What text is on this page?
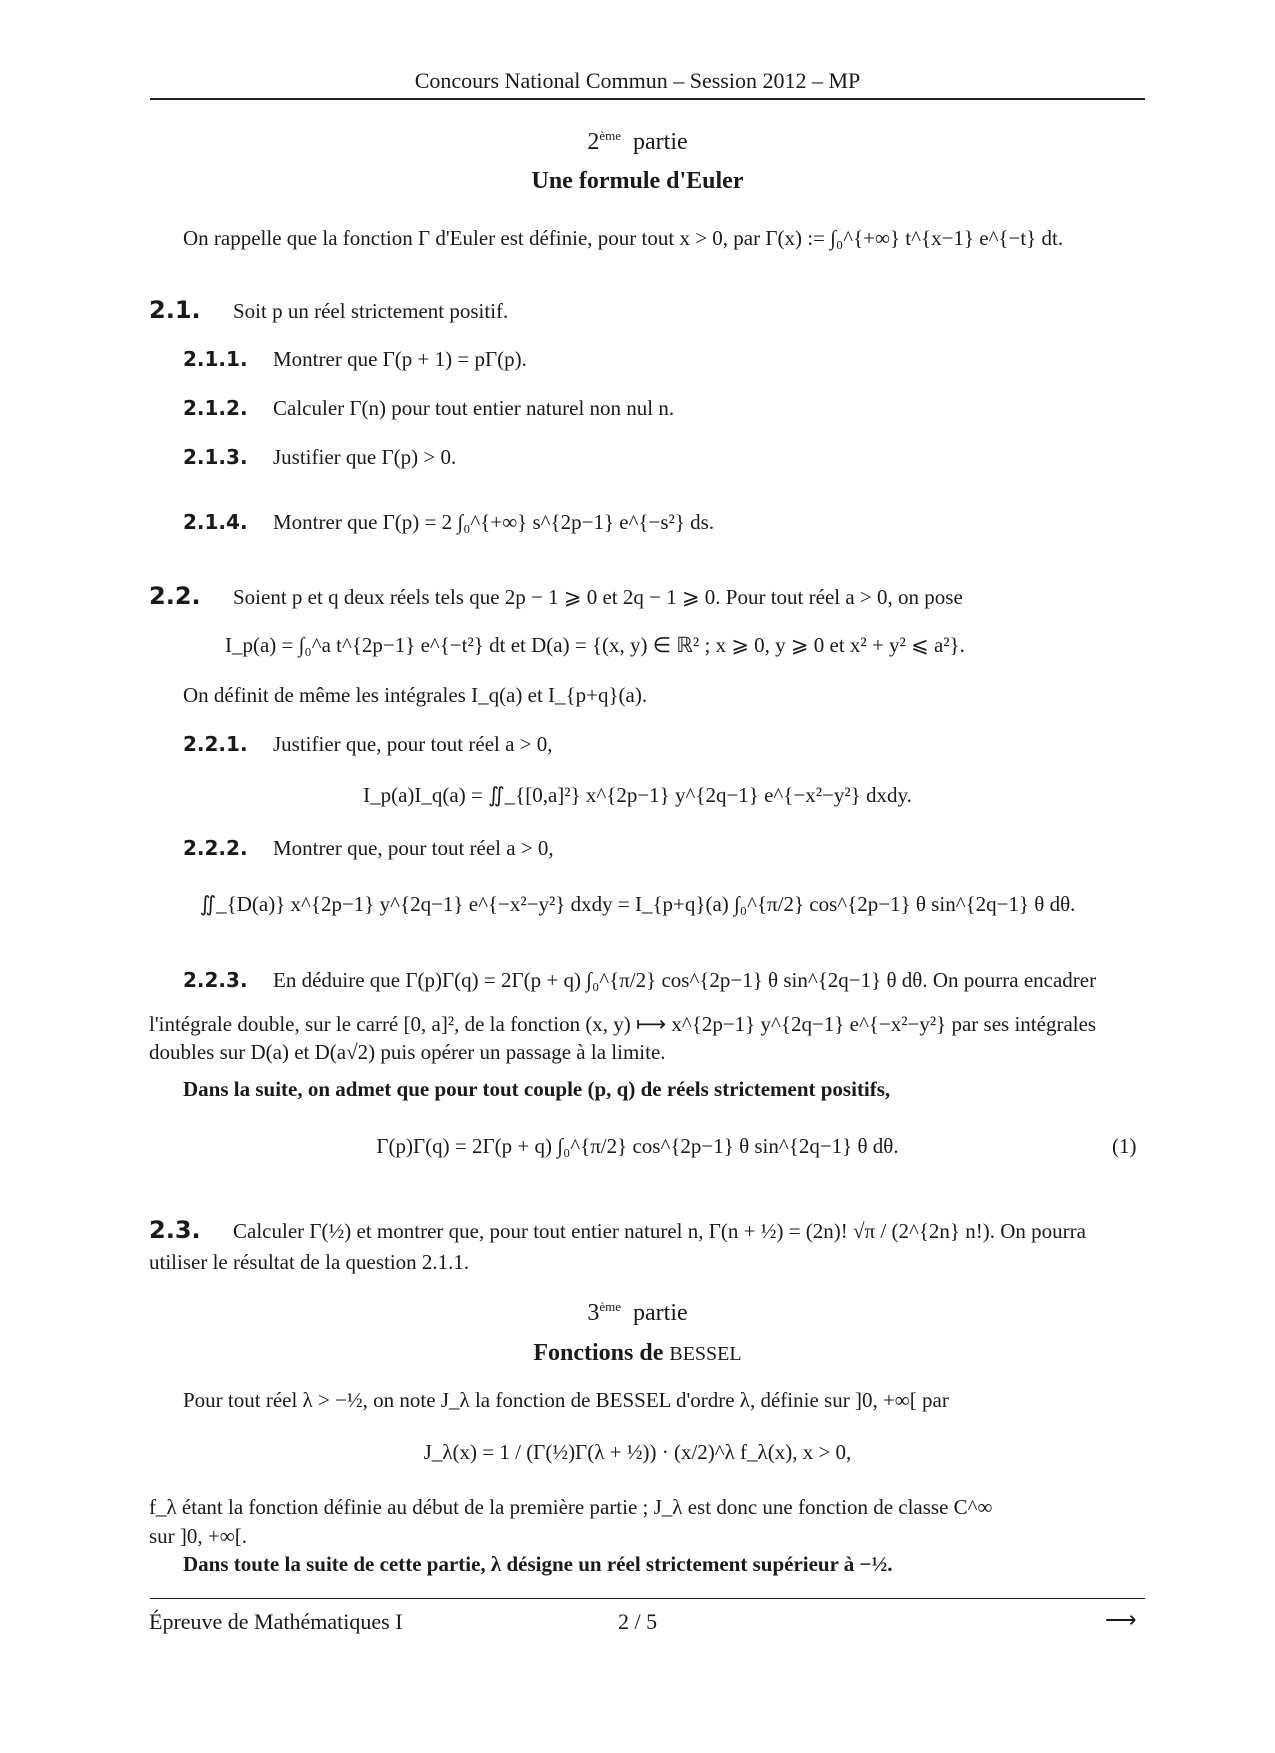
Concours National Commun – Session 2012 – MP
2ème partie
Une formule d'Euler
On rappelle que la fonction Γ d'Euler est définie, pour tout x > 0, par Γ(x) := ∫₀^{+∞} t^{x−1} e^{−t} dt.
2.1. Soit p un réel strictement positif.
2.1.1. Montrer que Γ(p + 1) = pΓ(p).
2.1.2. Calculer Γ(n) pour tout entier naturel non nul n.
2.1.3. Justifier que Γ(p) > 0.
2.1.4. Montrer que Γ(p) = 2 ∫₀^{+∞} s^{2p−1} e^{−s²} ds.
2.2. Soient p et q deux réels tels que 2p − 1 ⩾ 0 et 2q − 1 ⩾ 0. Pour tout réel a > 0, on pose
I_p(a) = ∫₀^a t^{2p−1} e^{−t²} dt et D(a) = {(x, y) ∈ ℝ² ; x ⩾ 0, y ⩾ 0 et x² + y² ⩽ a²}.
On définit de même les intégrales I_q(a) et I_{p+q}(a).
2.2.1. Justifier que, pour tout réel a > 0,
I_p(a)I_q(a) = ∬_{[0,a]²} x^{2p−1} y^{2q−1} e^{−x²−y²} dxdy.
2.2.2. Montrer que, pour tout réel a > 0,
∬_{D(a)} x^{2p−1} y^{2q−1} e^{−x²−y²} dxdy = I_{p+q}(a) ∫₀^{π/2} cos^{2p−1} θ sin^{2q−1} θ dθ.
2.2.3. En déduire que Γ(p)Γ(q) = 2Γ(p + q) ∫₀^{π/2} cos^{2p−1} θ sin^{2q−1} θ dθ. On pourra encadrer
l'intégrale double, sur le carré [0, a]², de la fonction (x, y) ⟼ x^{2p−1} y^{2q−1} e^{−x²−y²} par ses intégrales
doubles sur D(a) et D(a√2) puis opérer un passage à la limite.
Dans la suite, on admet que pour tout couple (p, q) de réels strictement positifs,
Γ(p)Γ(q) = 2Γ(p + q) ∫₀^{π/2} cos^{2p−1} θ sin^{2q−1} θ dθ.	(1)
2.3. Calculer Γ(½) et montrer que, pour tout entier naturel n, Γ(n + ½) = (2n)! √π / (2^{2n} n!). On pourra
utiliser le résultat de la question 2.1.1.
3ème partie
Fonctions de BESSEL
Pour tout réel λ > −½, on note J_λ la fonction de BESSEL d'ordre λ, définie sur ]0, +∞[ par
J_λ(x) = 1 / (Γ(½)Γ(λ + ½)) · (x/2)^λ f_λ(x), x > 0,
f_λ étant la fonction définie au début de la première partie ; J_λ est donc une fonction de classe C^∞
sur ]0, +∞[.
Dans toute la suite de cette partie, λ désigne un réel strictement supérieur à −½.
Épreuve de Mathématiques I	2 / 5	⟶
